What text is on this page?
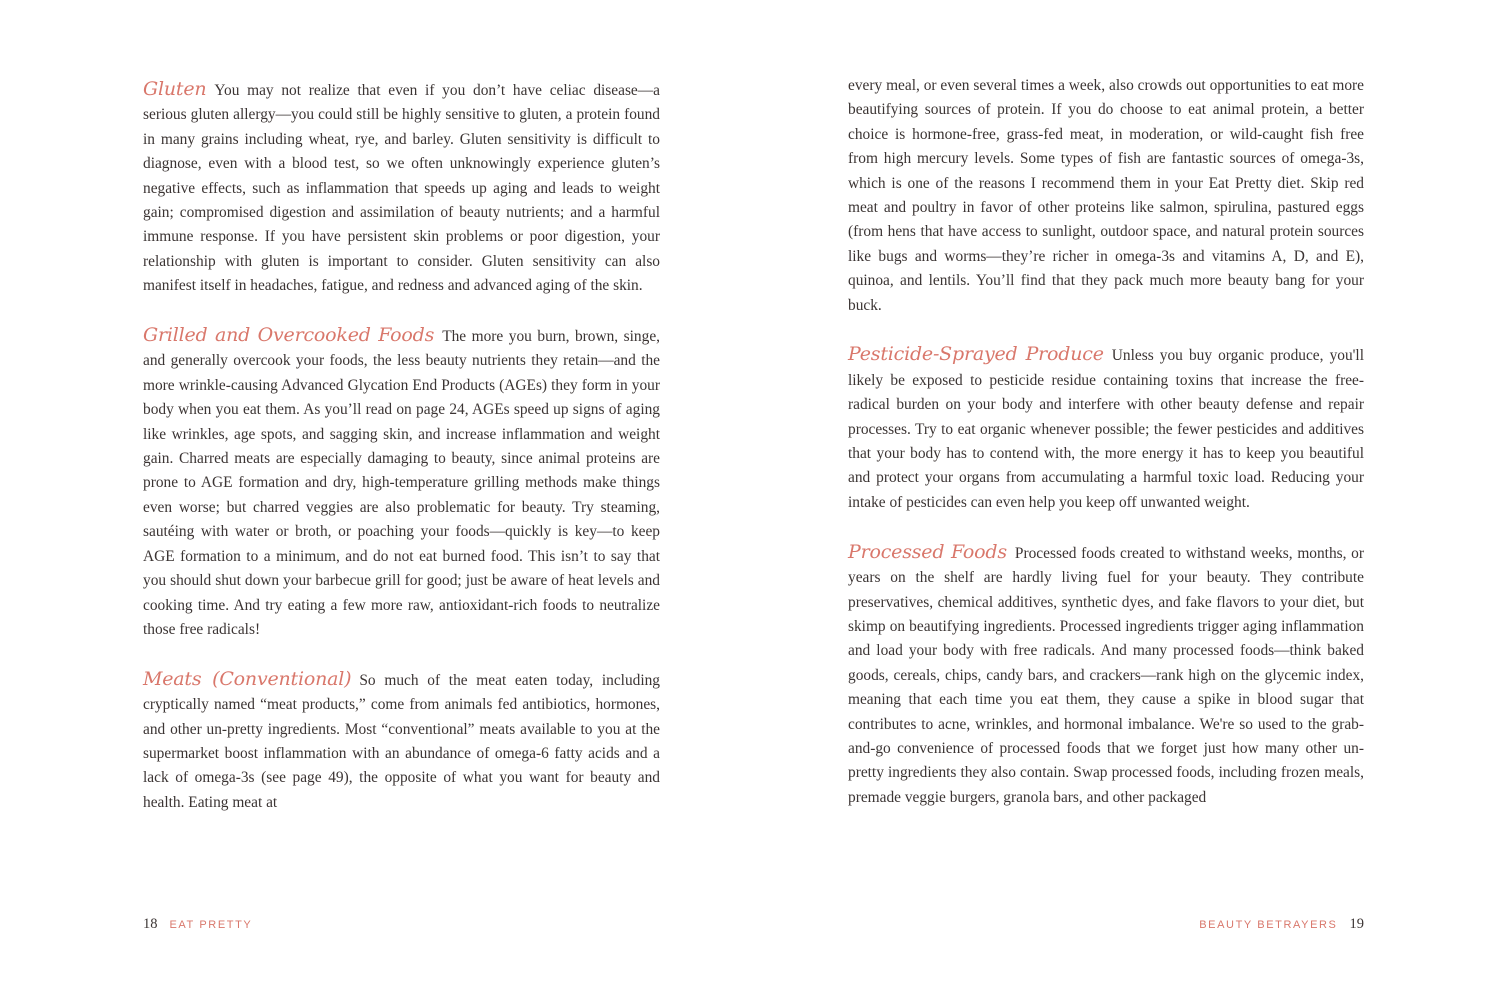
Gluten You may not realize that even if you don’t have celiac disease—a serious gluten allergy—you could still be highly sensitive to gluten, a protein found in many grains including wheat, rye, and barley. Gluten sensitivity is difficult to diagnose, even with a blood test, so we often unknowingly experience gluten’s negative effects, such as inflammation that speeds up aging and leads to weight gain; compromised digestion and assimilation of beauty nutrients; and a harmful immune response. If you have persistent skin problems or poor digestion, your relationship with gluten is important to consider. Gluten sensitivity can also manifest itself in headaches, fatigue, and redness and advanced aging of the skin.

Grilled and Overcooked Foods The more you burn, brown, singe, and generally overcook your foods, the less beauty nutrients they retain—and the more wrinkle-causing Advanced Glycation End Products (AGEs) they form in your body when you eat them. As you’ll read on page 24, AGEs speed up signs of aging like wrinkles, age spots, and sagging skin, and increase inflammation and weight gain. Charred meats are especially damaging to beauty, since animal proteins are prone to AGE formation and dry, high-temperature grilling methods make things even worse; but charred veggies are also problematic for beauty. Try steaming, sautéing with water or broth, or poaching your foods—quickly is key—to keep AGE formation to a minimum, and do not eat burned food. This isn’t to say that you should shut down your barbecue grill for good; just be aware of heat levels and cooking time. And try eating a few more raw, antioxidant-rich foods to neutralize those free radicals!

Meats (Conventional) So much of the meat eaten today, including cryptically named “meat products,” come from animals fed antibiotics, hormones, and other un-pretty ingredients. Most “conventional” meats available to you at the supermarket boost inflammation with an abundance of omega-6 fatty acids and a lack of omega-3s (see page 49), the opposite of what you want for beauty and health. Eating meat at

18 EAT PRETTY

every meal, or even several times a week, also crowds out opportunities to eat more beautifying sources of protein. If you do choose to eat animal protein, a better choice is hormone-free, grass-fed meat, in moderation, or wild-caught fish free from high mercury levels. Some types of fish are fantastic sources of omega-3s, which is one of the reasons I recommend them in your Eat Pretty diet. Skip red meat and poultry in favor of other proteins like salmon, spirulina, pastured eggs (from hens that have access to sunlight, outdoor space, and natural protein sources like bugs and worms—they’re richer in omega-3s and vitamins A, D, and E), quinoa, and lentils. You’ll find that they pack much more beauty bang for your buck.

Pesticide-Sprayed Produce Unless you buy organic produce, you'll likely be exposed to pesticide residue containing toxins that increase the free-radical burden on your body and interfere with other beauty defense and repair processes. Try to eat organic whenever possible; the fewer pesticides and additives that your body has to contend with, the more energy it has to keep you beautiful and protect your organs from accumulating a harmful toxic load. Reducing your intake of pesticides can even help you keep off unwanted weight.

Processed Foods Processed foods created to withstand weeks, months, or years on the shelf are hardly living fuel for your beauty. They contribute preservatives, chemical additives, synthetic dyes, and fake flavors to your diet, but skimp on beautifying ingredients. Processed ingredients trigger aging inflammation and load your body with free radicals. And many processed foods—think baked goods, cereals, chips, candy bars, and crackers—rank high on the glycemic index, meaning that each time you eat them, they cause a spike in blood sugar that contributes to acne, wrinkles, and hormonal imbalance. We're so used to the grab-and-go convenience of processed foods that we forget just how many other un-pretty ingredients they also contain. Swap processed foods, including frozen meals, premade veggie burgers, granola bars, and other packaged

BEAUTY BETRAYERS 19
